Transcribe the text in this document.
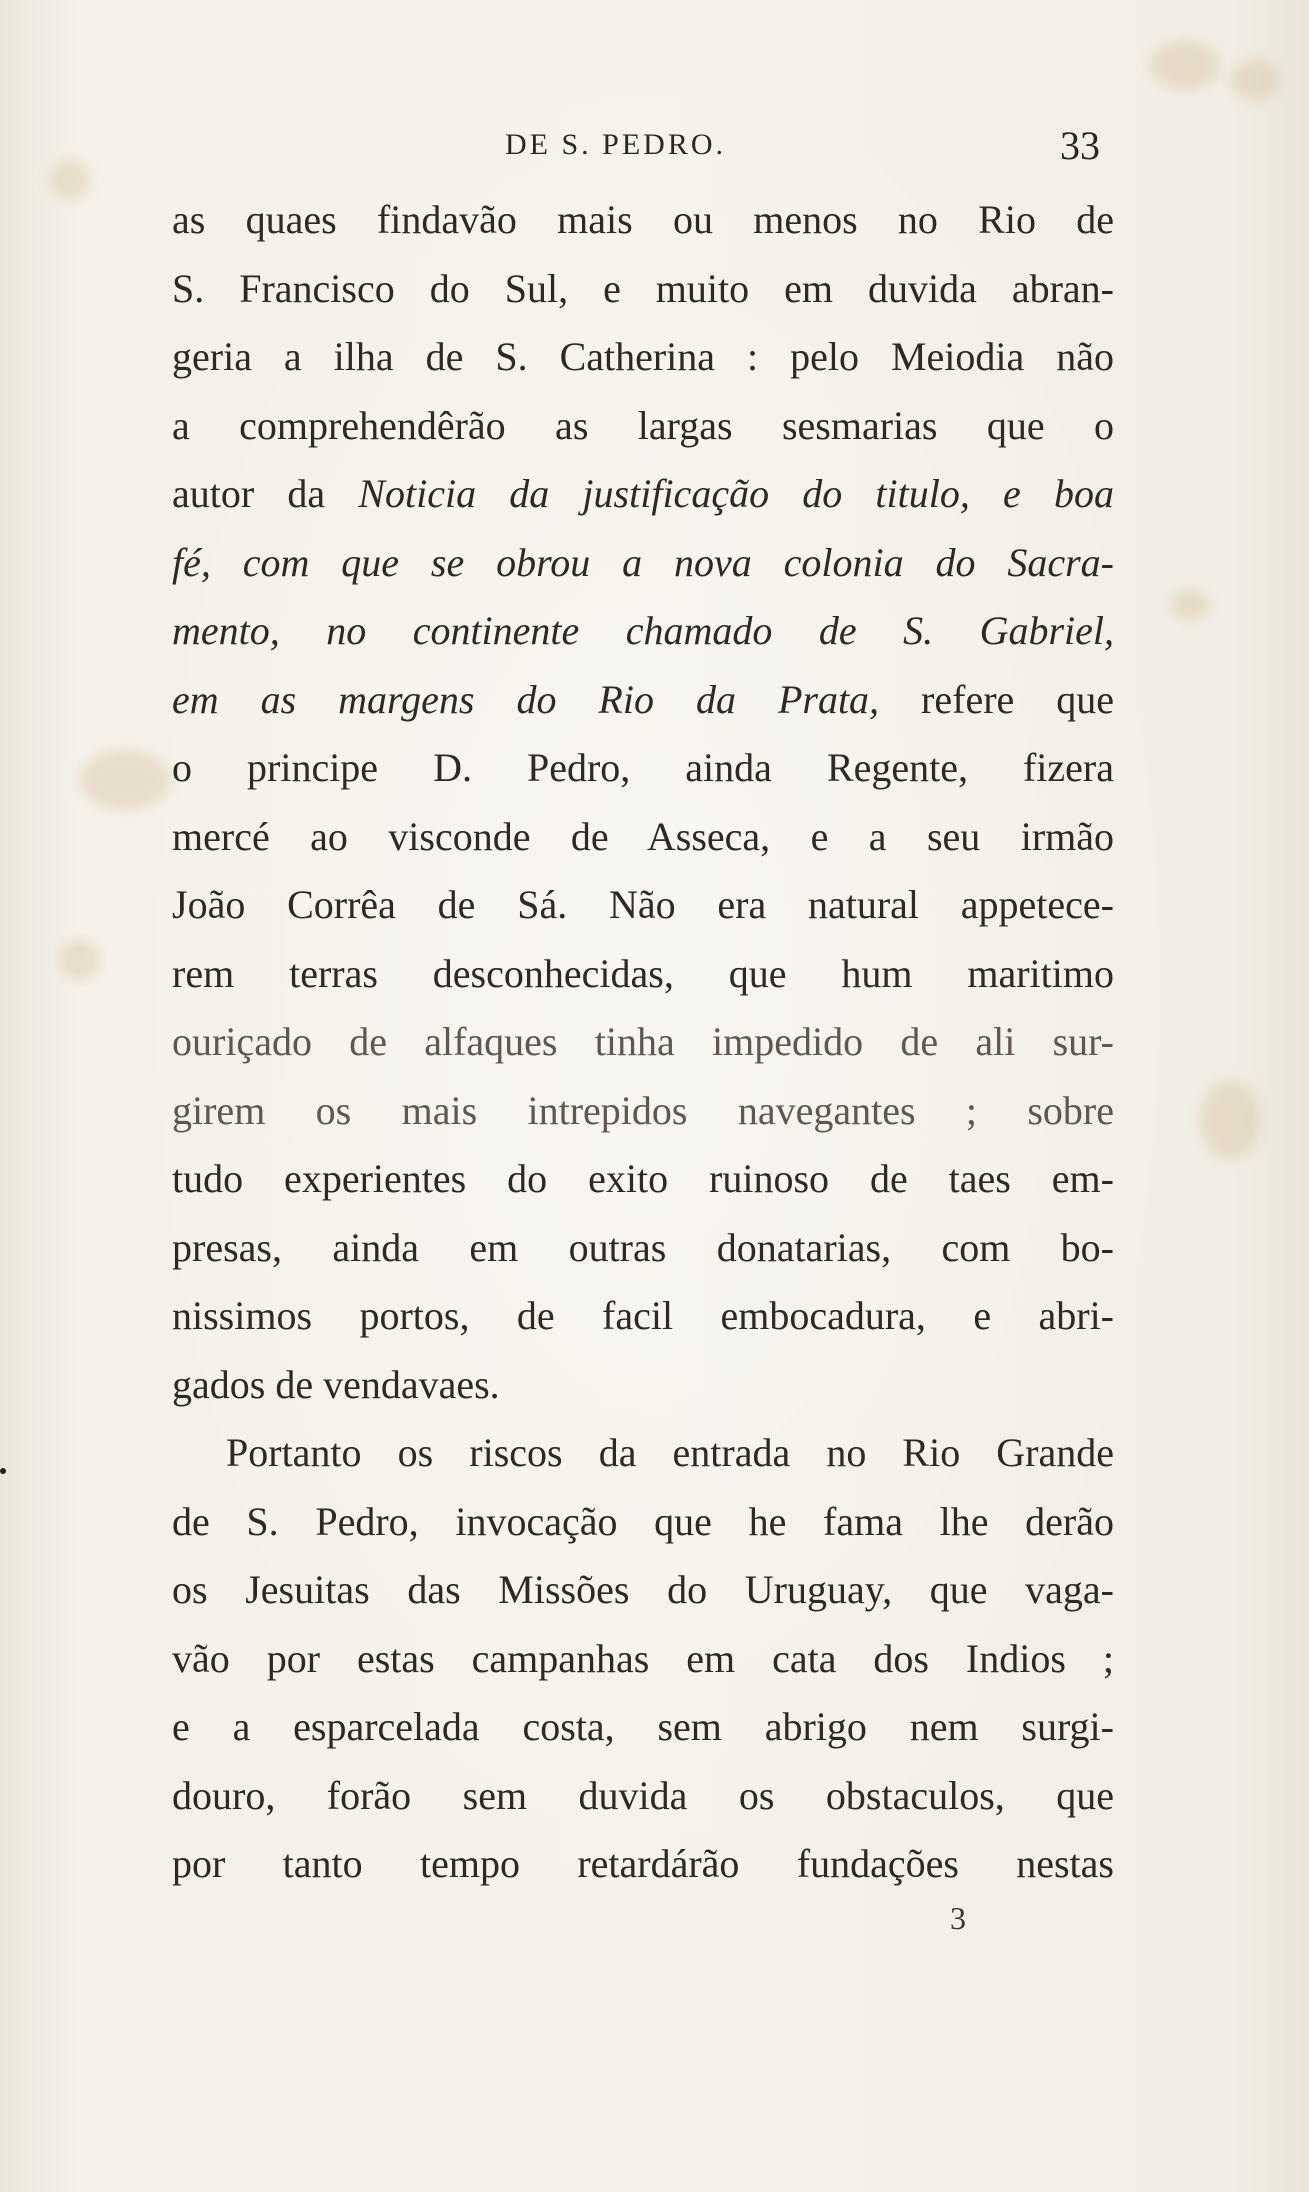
DE S. PEDRO.	33
as quaes findavão mais ou menos no Rio de
S. Francisco do Sul, e muito em duvida abran-
geria a ilha de S. Catherina : pelo Meiodia não
a comprehendêrão as largas sesmarias que o
autor da Noticia da justificação do titulo, e boa
fé, com que se obrou a nova colonia do Sacra-
mento, no continente chamado de S. Gabriel,
em as margens do Rio da Prata, refere que
o principe D. Pedro, ainda Regente, fizera
mercé ao visconde de Asseca, e a seu irmão
João Corrêa de Sá. Não era natural appetece-
rem terras desconhecidas, que hum maritimo
ouriçado de alfaques tinha impedido de ali sur-
girem os mais intrepidos navegantes ; sobre
tudo experientes do exito ruinoso de taes em-
presas, ainda em outras donatarias, com bo-
nissimos portos, de facil embocadura, e abri-
gados de vendavaes.
Portanto os riscos da entrada no Rio Grande
de S. Pedro, invocação que he fama lhe derão
os Jesuitas das Missões do Uruguay, que vaga-
vão por estas campanhas em cata dos Indios ;
e a esparcelada costa, sem abrigo nem surgi-
douro, forão sem duvida os obstaculos, que
por tanto tempo retardárão fundações nestas
3
